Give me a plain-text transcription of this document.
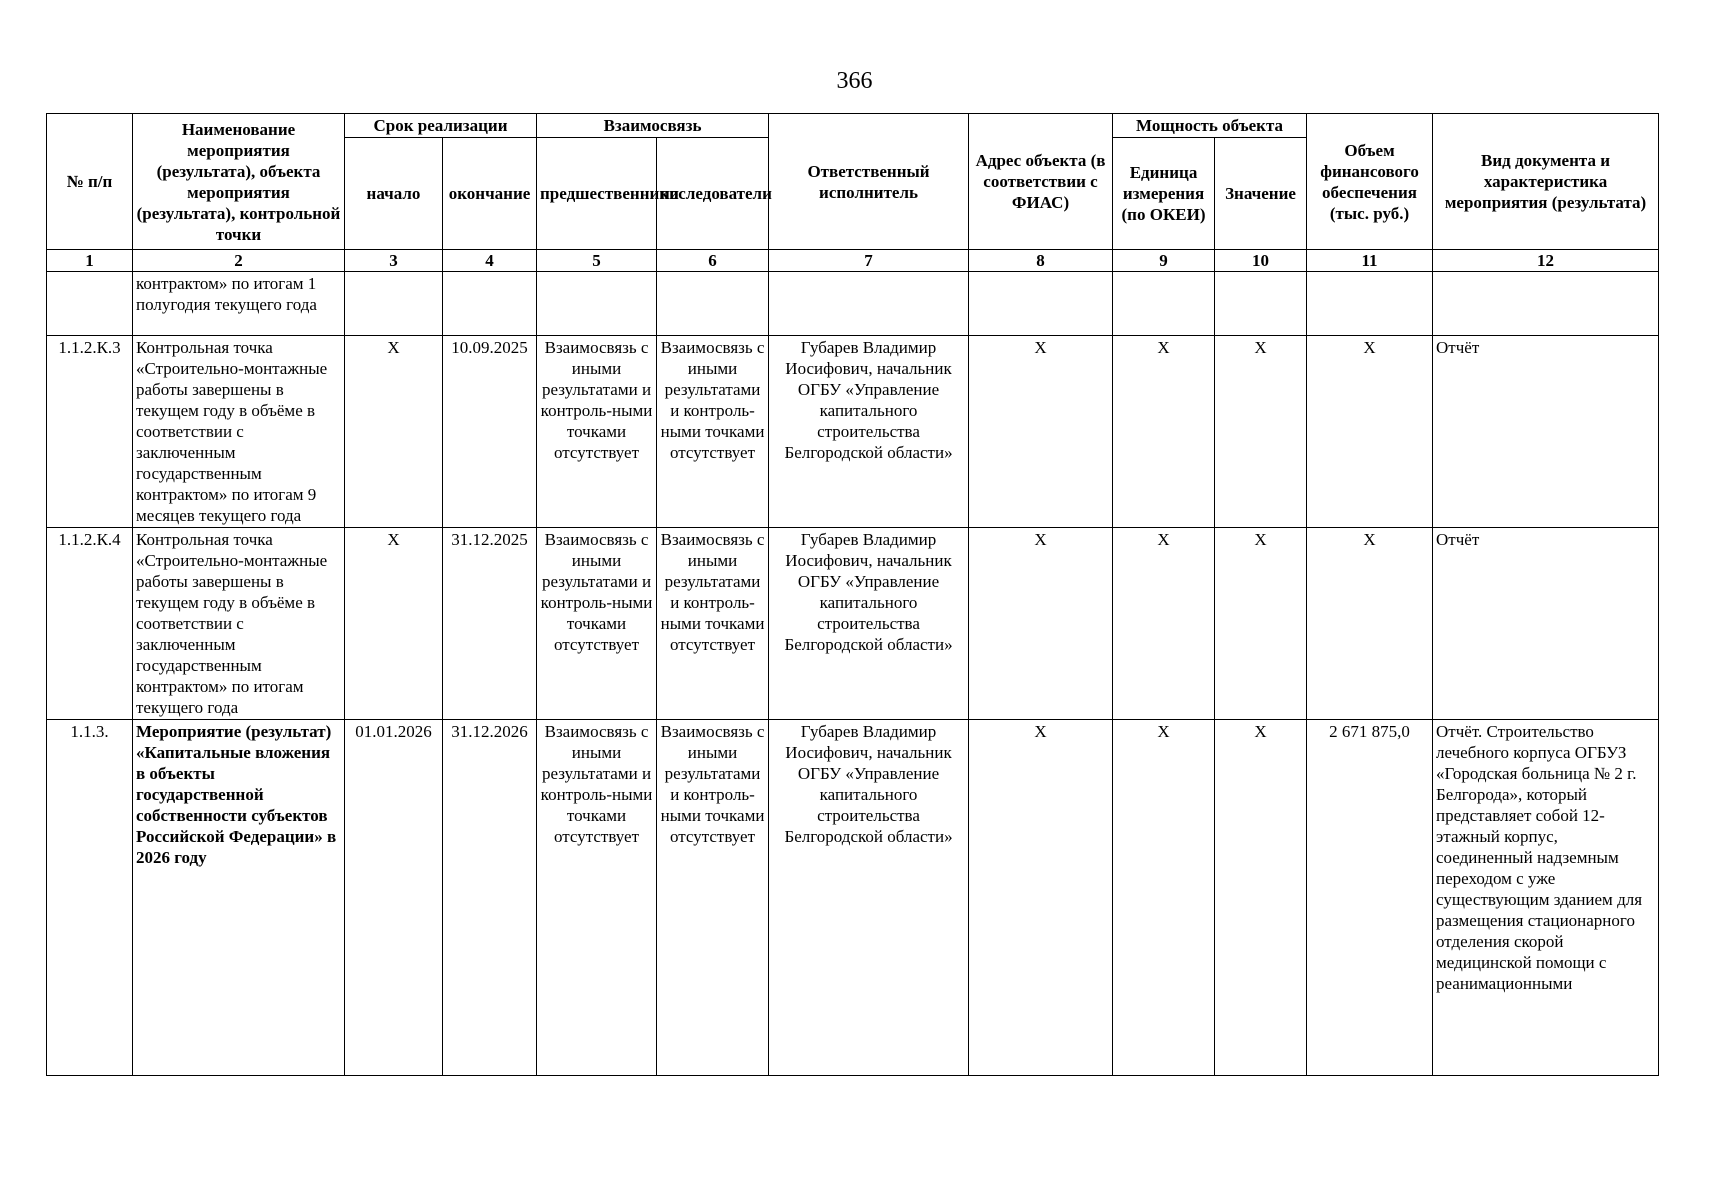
366
№ п/п	Наименование мероприятия (результата), объекта мероприятия (результата), контрольной точки	Срок реализации		Взаимосвязь		Ответственный исполнитель	Адрес объекта (в соответствии с ФИАС)	Мощность объекта		Объем финансового обеспечения (тыс. руб.)	Вид документа и характеристика мероприятия (результата)
		начало	окончание	предшественники	последователи			Единица измерения (по ОКЕИ)	Значение		
1	2	3	4	5	6	7	8	9	10	11	12
	контрактом» по итогам 1 полугодия текущего года										
1.1.2.К.3	Контрольная точка «Строительно-монтажные работы завершены в текущем году в объёме в соответствии с заключенным государственным контрактом» по итогам 9 месяцев текущего года	Х	10.09.2025	Взаимосвязь с иными результатами и контроль-ными точками отсутствует	Взаимосвязь с иными результатами и контроль-ными точками отсутствует	Губарев Владимир Иосифович, начальник ОГБУ «Управление капитального строительства Белгородской области»	Х	Х	Х	Х	Отчёт
1.1.2.К.4	Контрольная точка «Строительно-монтажные работы завершены в текущем году в объёме в соответствии с заключенным государственным контрактом» по итогам текущего года	Х	31.12.2025	Взаимосвязь с иными результатами и контроль-ными точками отсутствует	Взаимосвязь с иными результатами и контроль-ными точками отсутствует	Губарев Владимир Иосифович, начальник ОГБУ «Управление капитального строительства Белгородской области»	Х	Х	Х	Х	Отчёт
1.1.3.	Мероприятие (результат) «Капитальные вложения в объекты государственной собственности субъектов Российской Федерации» в 2026 году	01.01.2026	31.12.2026	Взаимосвязь с иными результатами и контроль-ными точками отсутствует	Взаимосвязь с иными результатами и контроль-ными точками отсутствует	Губарев Владимир Иосифович, начальник ОГБУ «Управление капитального строительства Белгородской области»	Х	Х	Х	2 671 875,0	Отчёт. Строительство лечебного корпуса ОГБУЗ «Городская больница № 2 г. Белгорода», который представляет собой 12-этажный корпус, соединенный надземным переходом с уже существующим зданием для размещения стационарного отделения скорой медицинской помощи с реанимационными
